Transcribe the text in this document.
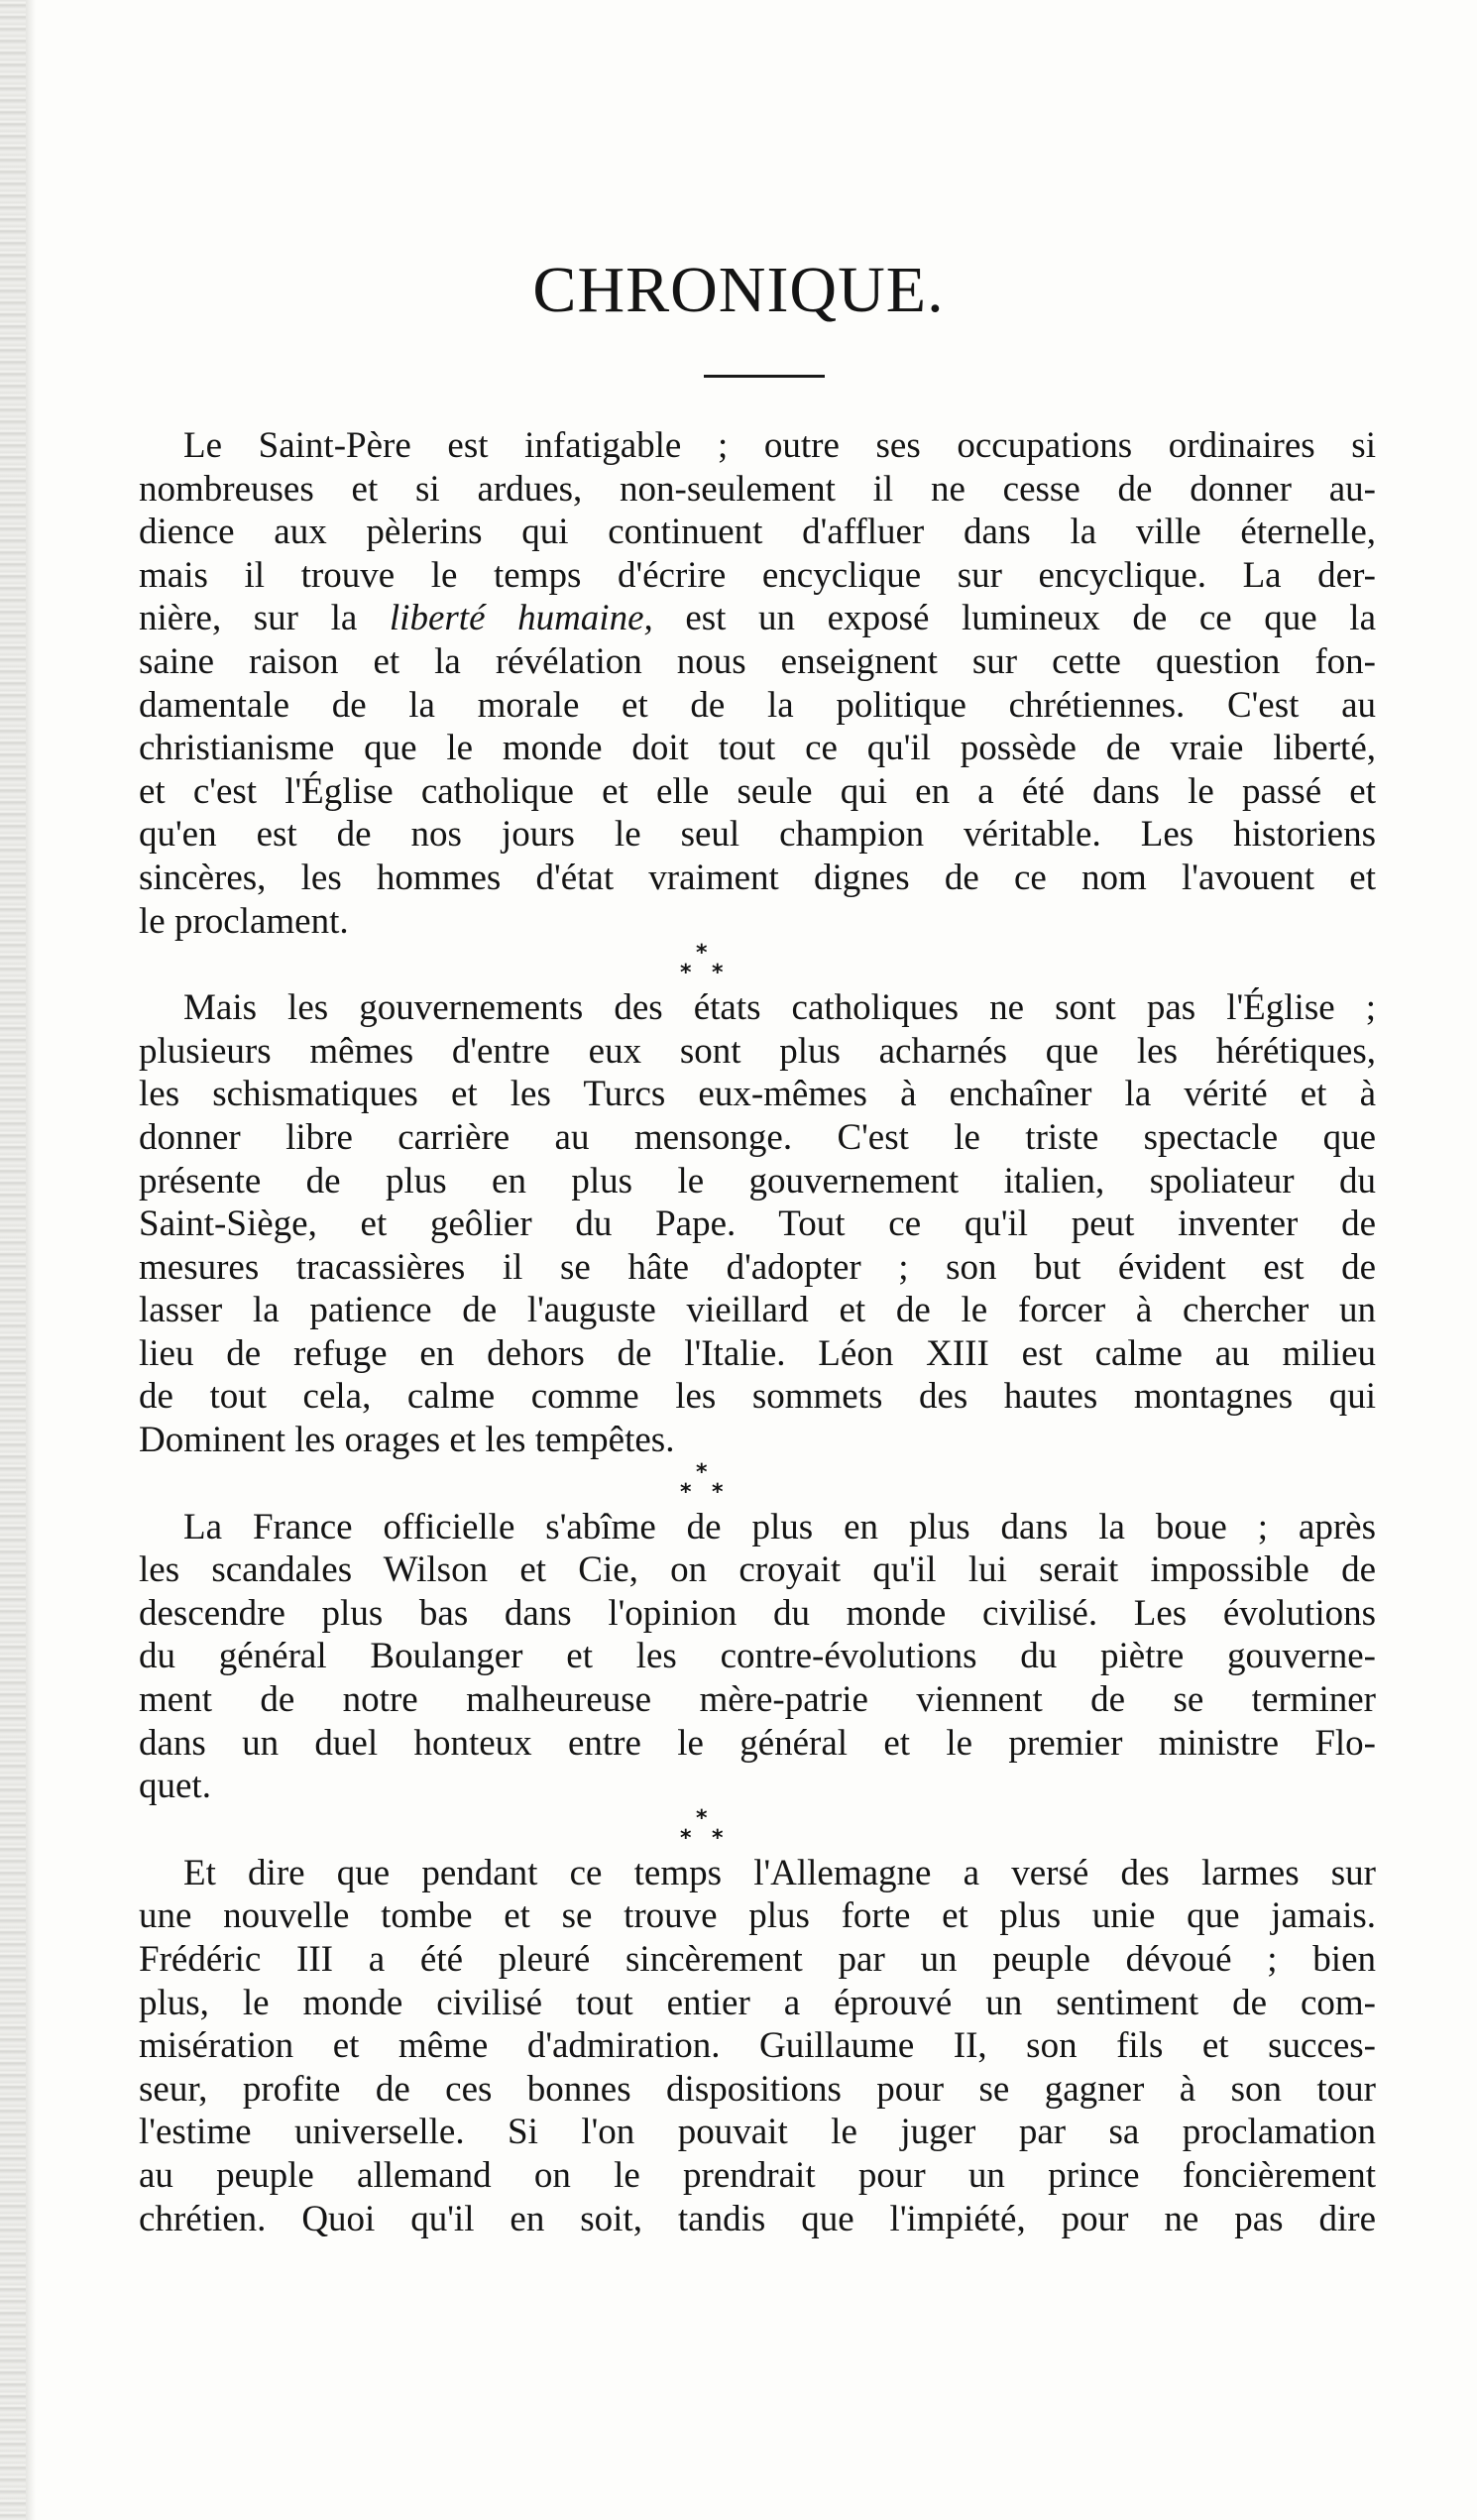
CHRONIQUE.
Le Saint-Père est infatigable ; outre ses occupations ordinaires si
nombreuses et si ardues, non-seulement il ne cesse de donner au-
dience aux pèlerins qui continuent d'affluer dans la ville éternelle,
mais il trouve le temps d'écrire encyclique sur encyclique. La der-
nière, sur la liberté humaine, est un exposé lumineux de ce que la
saine raison et la révélation nous enseignent sur cette question fon-
damentale de la morale et de la politique chrétiennes. C'est au
christianisme que le monde doit tout ce qu'il possède de vraie liberté,
et c'est l'Église catholique et elle seule qui en a été dans le passé et
qu'en est de nos jours le seul champion véritable. Les historiens
sincères, les hommes d'état vraiment dignes de ce nom l'avouent et
le proclament.
*
* *
Mais les gouvernements des états catholiques ne sont pas l'Église ;
plusieurs mêmes d'entre eux sont plus acharnés que les hérétiques,
les schismatiques et les Turcs eux-mêmes à enchaîner la vérité et à
donner libre carrière au mensonge. C'est le triste spectacle que
présente de plus en plus le gouvernement italien, spoliateur du
Saint-Siège, et geôlier du Pape. Tout ce qu'il peut inventer de
mesures tracassières il se hâte d'adopter ; son but évident est de
lasser la patience de l'auguste vieillard et de le forcer à chercher un
lieu de refuge en dehors de l'Italie. Léon XIII est calme au milieu
de tout cela, calme comme les sommets des hautes montagnes qui
Dominent les orages et les tempêtes.
*
* *
La France officielle s'abîme de plus en plus dans la boue ; après
les scandales Wilson et Cie, on croyait qu'il lui serait impossible de
descendre plus bas dans l'opinion du monde civilisé. Les évolutions
du général Boulanger et les contre-évolutions du piètre gouverne-
ment de notre malheureuse mère-patrie viennent de se terminer
dans un duel honteux entre le général et le premier ministre Flo-
quet.
*
* *
Et dire que pendant ce temps l'Allemagne a versé des larmes sur
une nouvelle tombe et se trouve plus forte et plus unie que jamais.
Frédéric III a été pleuré sincèrement par un peuple dévoué ; bien
plus, le monde civilisé tout entier a éprouvé un sentiment de com-
misération et même d'admiration. Guillaume II, son fils et succes-
seur, profite de ces bonnes dispositions pour se gagner à son tour
l'estime universelle. Si l'on pouvait le juger par sa proclamation
au peuple allemand on le prendrait pour un prince foncièrement
chrétien. Quoi qu'il en soit, tandis que l'impiété, pour ne pas dire
